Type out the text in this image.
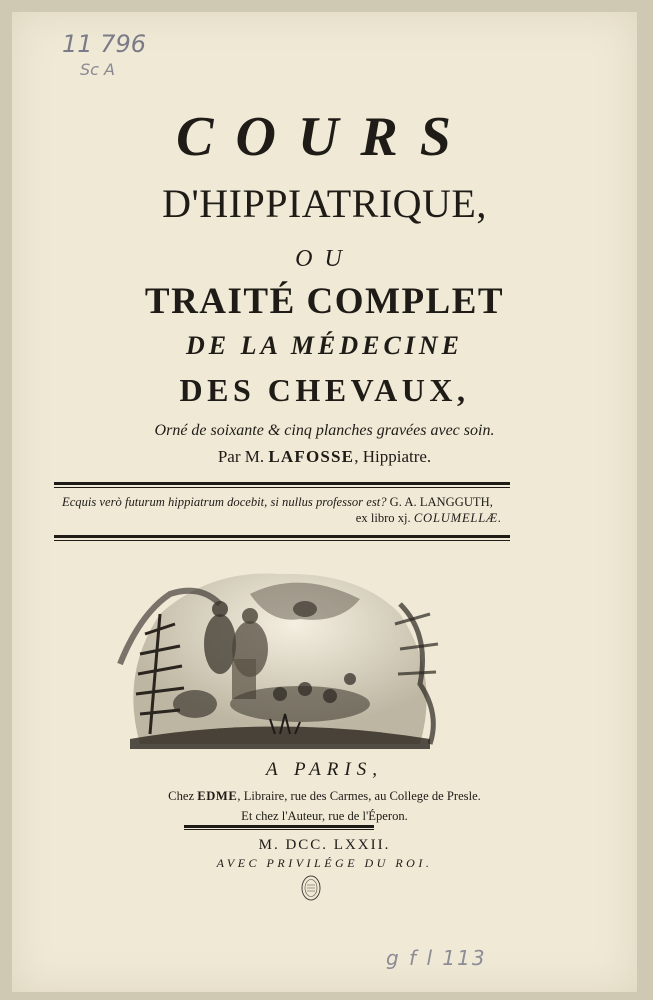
11 796
Sc A
COURS
D'HIPPIATRIQUE,
OU
TRAITÉ COMPLET
DE LA MÉDECINE
DES CHEVAUX,
Orné de soixante & cinq planches gravées avec soin.
Par M. LAFOSSE, Hippiatre.
Ecquis verò futurum hippiatrum docebit, si nullus professor est? G. A. LANGGUTH,
ex libro xj. COLUMELLÆ.
A PARIS,
Chez EDME, Libraire, rue des Carmes, au College de Presle.
Et chez l'Auteur, rue de l'Éperon.
M. DCC. LXXII.
AVEC PRIVILÉGE DU ROI.
g f l 113
